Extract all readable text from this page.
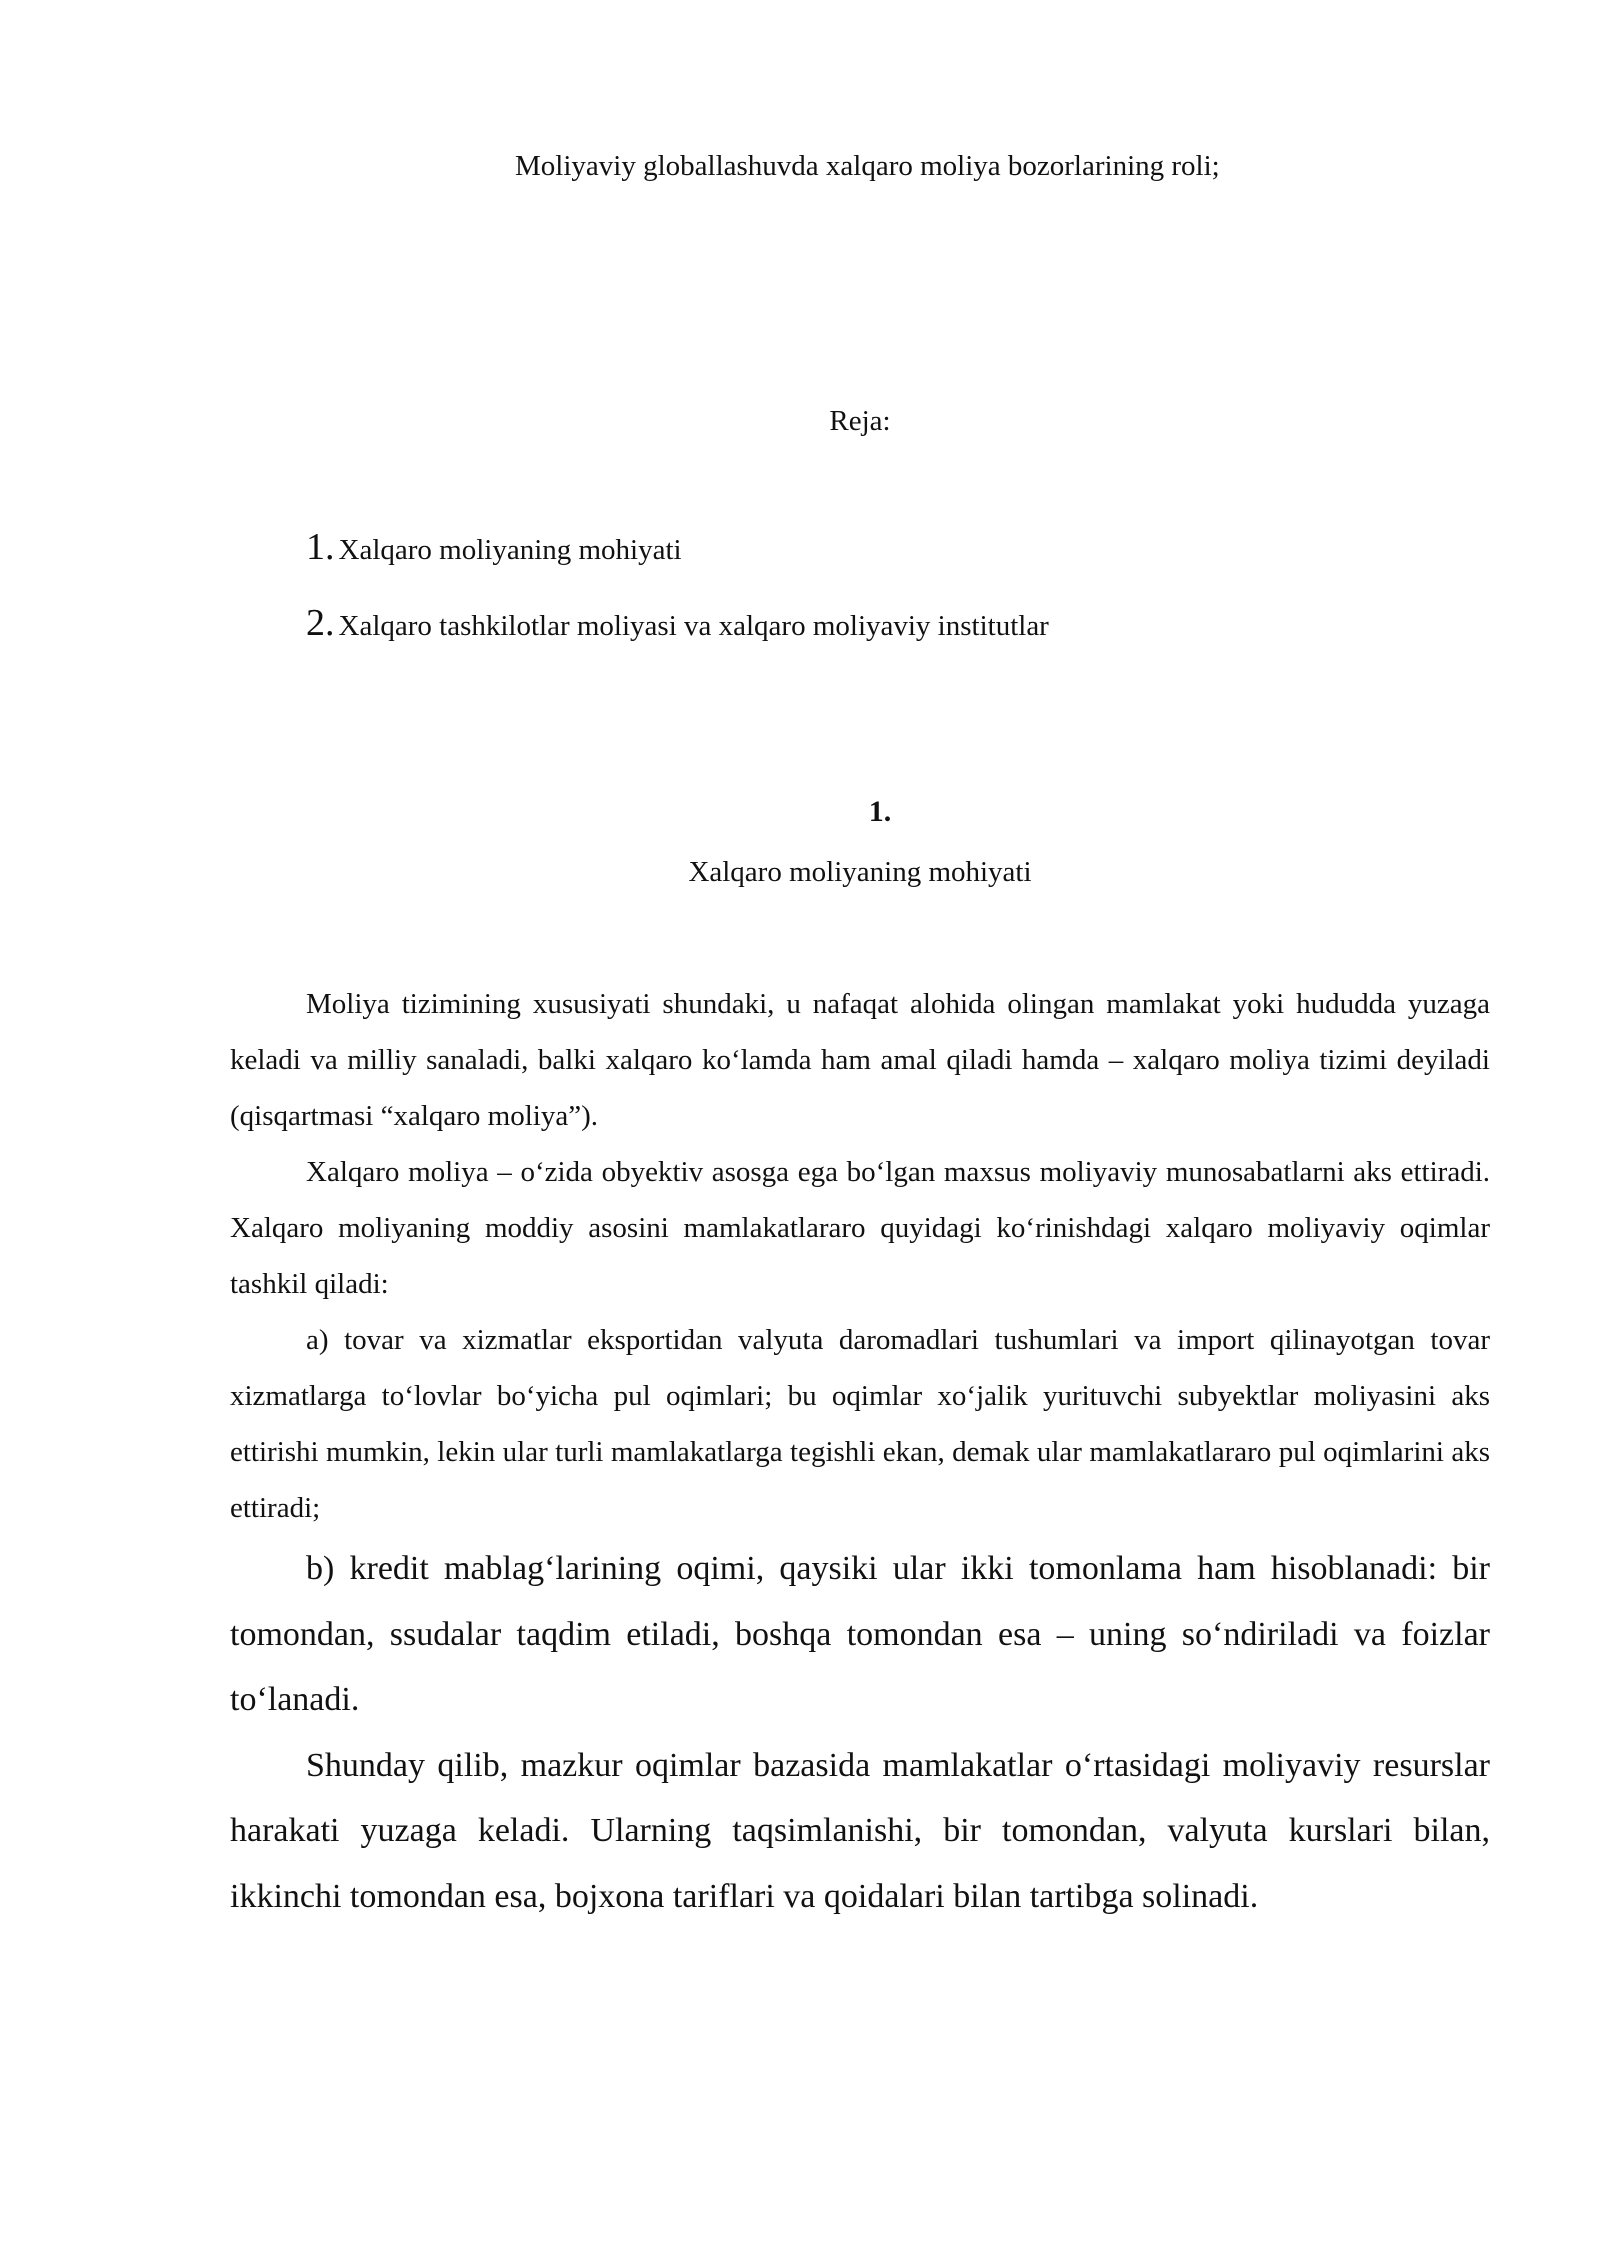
Moliyaviy globallashuvda xalqaro moliya bozorlarining roli;
Reja:
1. Xalqaro moliyaning mohiyati
2. Xalqaro tashkilotlar moliyasi va xalqaro moliyaviy institutlar
1.
Xalqaro moliyaning mohiyati

Moliya tizimining xususiyati shundaki, u nafaqat alohida olingan mamlakat yoki hududda yuzaga keladi va milliy sanaladi, balki xalqaro ko‘lamda ham amal qiladi hamda – xalqaro moliya tizimi deyiladi (qisqartmasi “xalqaro moliya”).

Xalqaro moliya – o‘zida obyektiv asosga ega bo‘lgan maxsus moliyaviy munosabatlarni aks ettiradi. Xalqaro moliyaning moddiy asosini mamlakatlararo quyidagi ko‘rinishdagi xalqaro moliyaviy oqimlar tashkil qiladi:

a) tovar va xizmatlar eksportidan valyuta daromadlari tushumlari va import qilinayotgan tovar xizmatlarga to‘lovlar bo‘yicha pul oqimlari; bu oqimlar xo‘jalik yurituvchi subyektlar moliyasini aks ettirishi mumkin, lekin ular turli mamlakatlarga tegishli ekan, demak ular mamlakatlararo pul oqimlarini aks ettiradi;

b) kredit mablag‘larining oqimi, qaysiki ular ikki tomonlama ham hisoblanadi: bir tomondan, ssudalar taqdim etiladi, boshqa tomondan esa – uning so‘ndiriladi va foizlar to‘lanadi.

Shunday qilib, mazkur oqimlar bazasida mamlakatlar o‘rtasidagi moliyaviy resurslar harakati yuzaga keladi. Ularning taqsimlanishi, bir tomondan, valyuta kurslari bilan, ikkinchi tomondan esa, bojxona tariflari va qoidalari bilan tartibga solinadi.
